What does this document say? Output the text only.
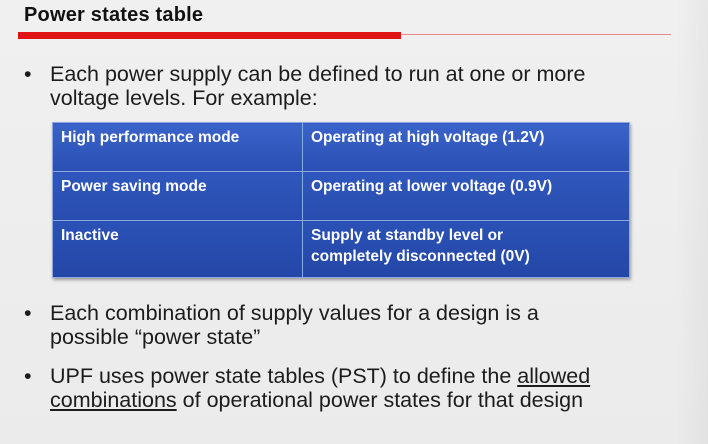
Power states table
• Each power supply can be defined to run at one or more
voltage levels. For example:
High performance mode	Operating at high voltage (1.2V)

Power saving mode	Operating at lower voltage (0.9V)

Inactive	Supply at standby level or
completely disconnected (0V)
• Each combination of supply values for a design is a
possible “power state”
• UPF uses power state tables (PST) to define the allowed
combinations of operational power states for that design
